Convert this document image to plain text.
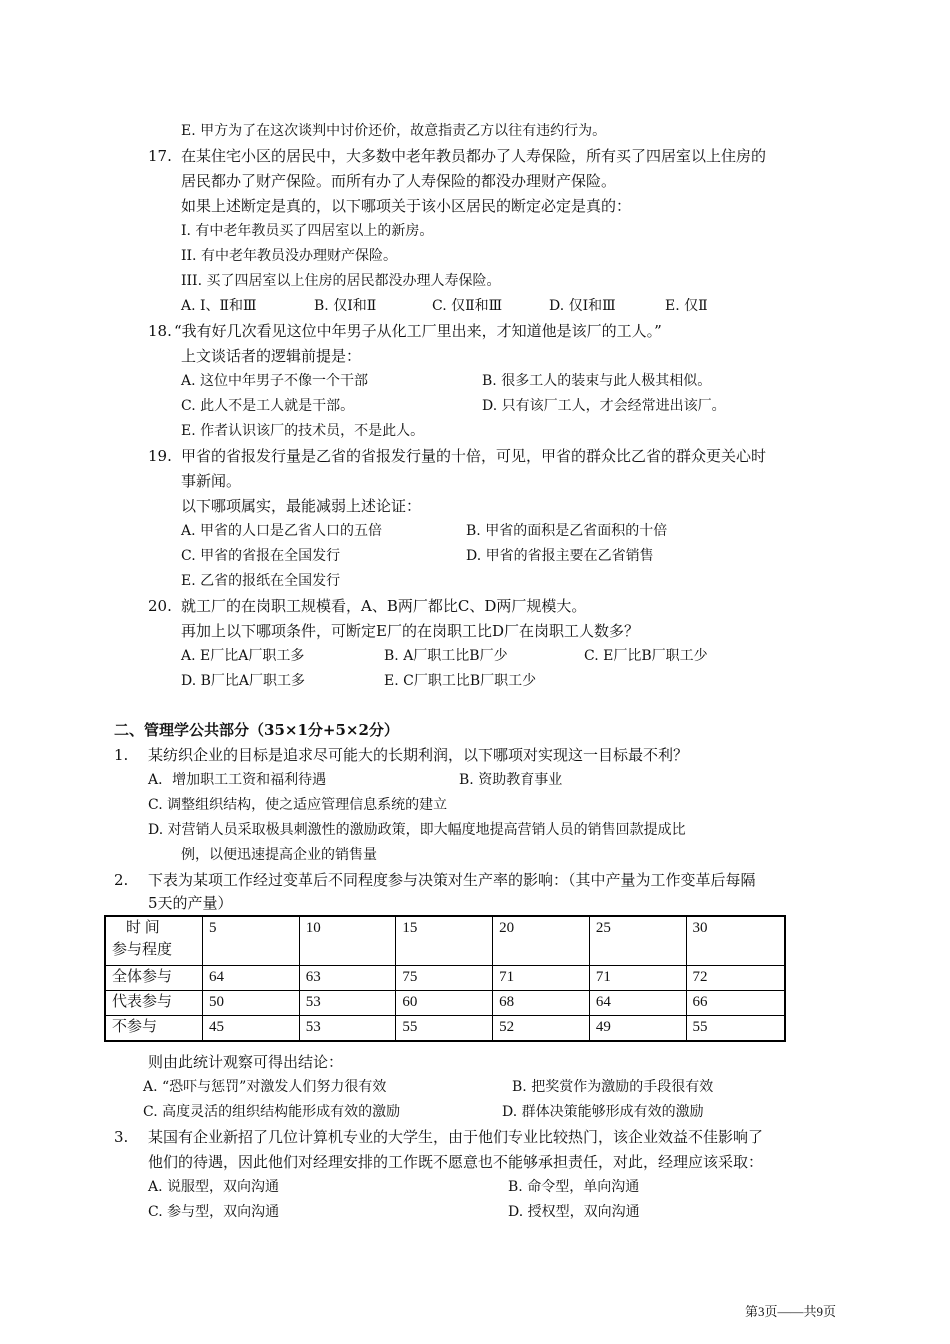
E. 甲方为了在这次谈判中讨价还价，故意指责乙方以往有违约行为。
17. 在某住宅小区的居民中，大多数中老年教员都办了人寿保险，所有买了四居室以上住房的
居民都办了财产保险。而所有办了人寿保险的都没办理财产保险。
如果上述断定是真的，以下哪项关于该小区居民的断定必定是真的：
I. 有中老年教员买了四居室以上的新房。
II. 有中老年教员没办理财产保险。
III. 买了四居室以上住房的居民都没办理人寿保险。
A. Ⅰ、Ⅱ和Ⅲ	B. 仅Ⅰ和Ⅱ	C. 仅Ⅱ和Ⅲ	D. 仅Ⅰ和Ⅲ	E. 仅Ⅱ
18. “我有好几次看见这位中年男子从化工厂里出来，才知道他是该厂的工人。”
上文谈话者的逻辑前提是：
A. 这位中年男子不像一个干部	B. 很多工人的装束与此人极其相似。
C. 此人不是工人就是干部。	D. 只有该厂工人，才会经常进出该厂。
E. 作者认识该厂的技术员，不是此人。
19. 甲省的省报发行量是乙省的省报发行量的十倍，可见，甲省的群众比乙省的群众更关心时
事新闻。
以下哪项属实，最能减弱上述论证：
A. 甲省的人口是乙省人口的五倍	B. 甲省的面积是乙省面积的十倍
C. 甲省的省报在全国发行	D. 甲省的省报主要在乙省销售
E. 乙省的报纸在全国发行
20. 就工厂的在岗职工规模看，A、B两厂都比C、D两厂规模大。
再加上以下哪项条件，可断定E厂的在岗职工比D厂在岗职工人数多？
A. E厂比A厂职工多	B. A厂职工比B厂少	C. E厂比B厂职工少
D. B厂比A厂职工多	E. C厂职工比B厂职工少
二、管理学公共部分（35×1分+5×2分）
1. 某纺织企业的目标是追求尽可能大的长期利润，以下哪项对实现这一目标最不利？
A．增加职工工资和福利待遇	B. 资助教育事业
C. 调整组织结构，使之适应管理信息系统的建立
D. 对营销人员采取极具刺激性的激励政策，即大幅度地提高营销人员的销售回款提成比
例，以便迅速提高企业的销售量
2. 下表为某项工作经过变革后不同程度参与决策对生产率的影响：（其中产量为工作变革后每隔
5天的产量）
时 间
参与程度	5	10	15	20	25	30
全体参与	64	63	75	71	71	72
代表参与	50	53	60	68	64	66
不参与	45	53	55	52	49	55
则由此统计观察可得出结论：
A. “恐吓与惩罚”对激发人们努力很有效	B. 把奖赏作为激励的手段很有效
C. 高度灵活的组织结构能形成有效的激励	D. 群体决策能够形成有效的激励
3. 某国有企业新招了几位计算机专业的大学生，由于他们专业比较热门，该企业效益不佳影响了
他们的待遇，因此他们对经理安排的工作既不愿意也不能够承担责任，对此，经理应该采取：
A. 说服型，双向沟通	B. 命令型，单向沟通
C. 参与型，双向沟通	D. 授权型，双向沟通
第3页——共9页
